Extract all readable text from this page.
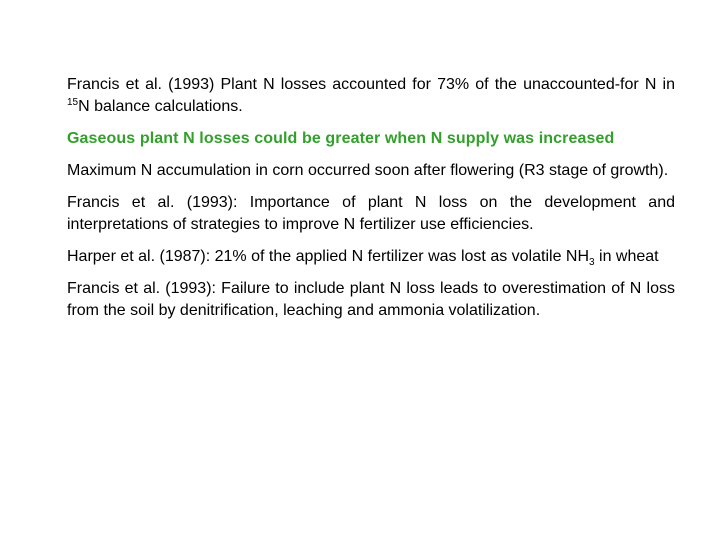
Francis et al. (1993) Plant N losses accounted for 73% of the unaccounted-for N in $^{15}$N balance calculations.

Gaseous plant N losses could be greater when N supply was increased

Maximum N accumulation in corn occurred soon after flowering (R3 stage of growth).

Francis et al. (1993): Importance of plant N loss on the development and interpretations of strategies to improve N fertilizer use efficiencies.

Harper et al. (1987): 21% of the applied N fertilizer was lost as volatile $NH_3$ in wheat

Francis et al. (1993): Failure to include plant N loss leads to overestimation of N loss from the soil by denitrification, leaching and ammonia volatilization.
